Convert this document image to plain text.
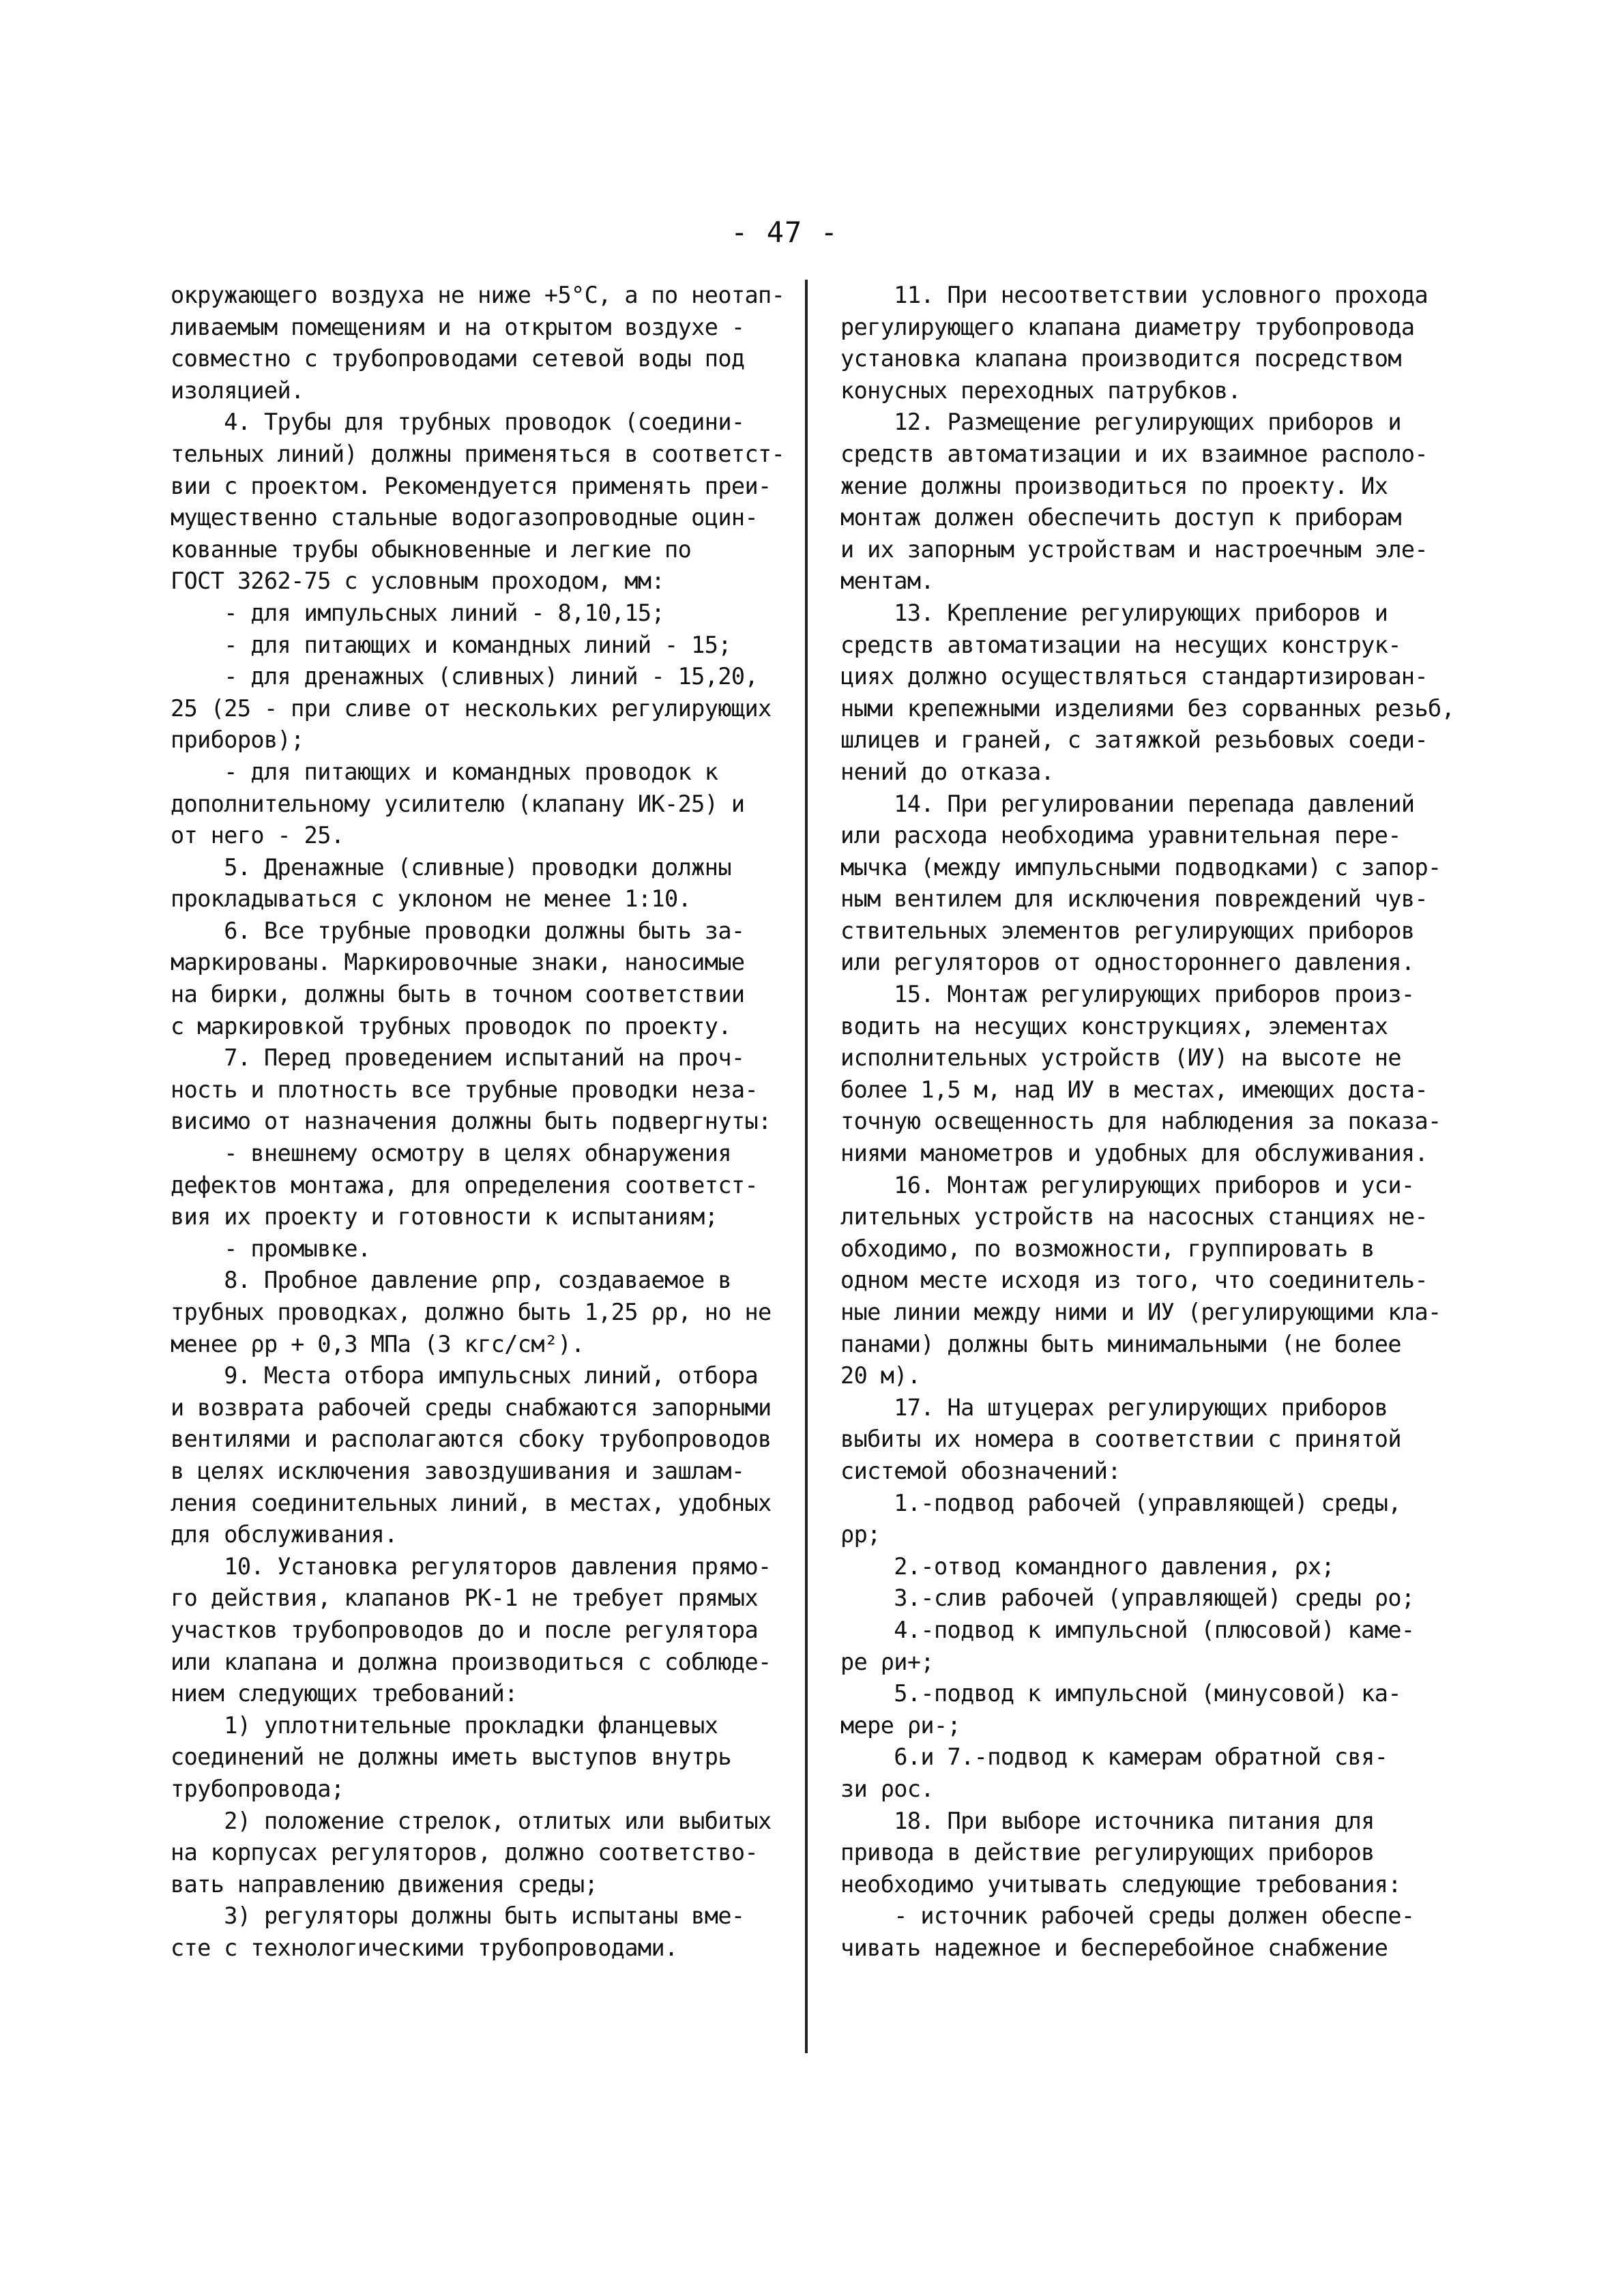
- 47 -
окружающего воздуха не ниже +5°С, а по неотап-
ливаемым помещениям и на открытом воздухе -
совместно с трубопроводами сетевой воды под
изоляцией.
4. Трубы для трубных проводок (соедини-
тельных линий) должны применяться в соответст-
вии с проектом. Рекомендуется применять преи-
мущественно стальные водогазопроводные оцин-
кованные трубы обыкновенные и легкие по
ГОСТ 3262-75 с условным проходом, мм:
- для импульсных линий - 8,10,15;
- для питающих и командных линий - 15;
- для дренажных (сливных) линий - 15,20,
25 (25 - при сливе от нескольких регулирующих
приборов);
- для питающих и командных проводок к
дополнительному усилителю (клапану ИК-25) и
от него - 25.
5. Дренажные (сливные) проводки должны
прокладываться с уклоном не менее 1:10.
6. Все трубные проводки должны быть за-
маркированы. Маркировочные знаки, наносимые
на бирки, должны быть в точном соответствии
с маркировкой трубных проводок по проекту.
7. Перед проведением испытаний на проч-
ность и плотность все трубные проводки неза-
висимо от назначения должны быть подвергнуты:
- внешнему осмотру в целях обнаружения
дефектов монтажа, для определения соответст-
вия их проекту и готовности к испытаниям;
- промывке.
8. Пробное давление ρпр, создаваемое в
трубных проводках, должно быть 1,25 ρр, но не
менее ρр + 0,3 МПа (3 кгс/см²).
9. Места отбора импульсных линий, отбора
и возврата рабочей среды снабжаются запорными
вентилями и располагаются сбоку трубопроводов
в целях исключения завоздушивания и зашлам-
ления соединительных линий, в местах, удобных
для обслуживания.
10. Установка регуляторов давления прямо-
го действия, клапанов РК-1 не требует прямых
участков трубопроводов до и после регулятора
или клапана и должна производиться с соблюде-
нием следующих требований:
1) уплотнительные прокладки фланцевых
соединений не должны иметь выступов внутрь
трубопровода;
2) положение стрелок, отлитых или выбитых
на корпусах регуляторов, должно соответство-
вать направлению движения среды;
3) регуляторы должны быть испытаны вме-
сте с технологическими трубопроводами.
11. При несоответствии условного прохода
регулирующего клапана диаметру трубопровода
установка клапана производится посредством
конусных переходных патрубков.
12. Размещение регулирующих приборов и
средств автоматизации и их взаимное располо-
жение должны производиться по проекту. Их
монтаж должен обеспечить доступ к приборам
и их запорным устройствам и настроечным эле-
ментам.
13. Крепление регулирующих приборов и
средств автоматизации на несущих конструк-
циях должно осуществляться стандартизирован-
ными крепежными изделиями без сорванных резьб,
шлицев и граней, с затяжкой резьбовых соеди-
нений до отказа.
14. При регулировании перепада давлений
или расхода необходима уравнительная пере-
мычка (между импульсными подводками) с запор-
ным вентилем для исключения повреждений чув-
ствительных элементов регулирующих приборов
или регуляторов от одностороннего давления.
15. Монтаж регулирующих приборов произ-
водить на несущих конструкциях, элементах
исполнительных устройств (ИУ) на высоте не
более 1,5 м, над ИУ в местах, имеющих доста-
точную освещенность для наблюдения за показа-
ниями манометров и удобных для обслуживания.
16. Монтаж регулирующих приборов и уси-
лительных устройств на насосных станциях не-
обходимо, по возможности, группировать в
одном месте исходя из того, что соединитель-
ные линии между ними и ИУ (регулирующими кла-
панами) должны быть минимальными (не более
20 м).
17. На штуцерах регулирующих приборов
выбиты их номера в соответствии с принятой
системой обозначений:
1.-подвод рабочей (управляющей) среды,
ρр;
2.-отвод командного давления, ρх;
3.-слив рабочей (управляющей) среды ρо;
4.-подвод к импульсной (плюсовой) каме-
ре ρи+;
5.-подвод к импульсной (минусовой) ка-
мере ρи-;
6.и 7.-подвод к камерам обратной свя-
зи ρос.
18. При выборе источника питания для
привода в действие регулирующих приборов
необходимо учитывать следующие требования:
- источник рабочей среды должен обеспе-
чивать надежное и бесперебойное снабжение
